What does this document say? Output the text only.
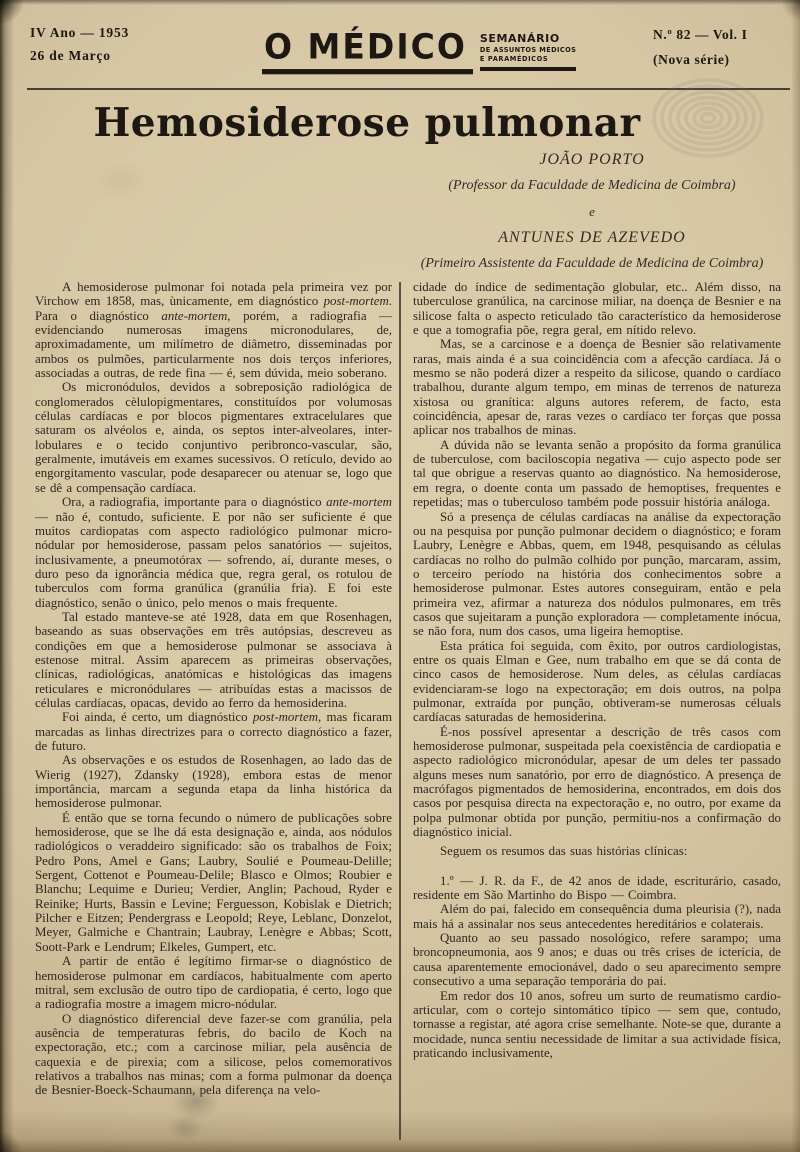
IV Ano — 1953
26 de Março	O MÉDICO	SEMANÁRIO
DE ASSUNTOS MÉDICOS
E PARAMÉDICOS
N.º 82 — Vol. I
(Nova série)
Hemosiderose pulmonar
JOÃO PORTO
(Professor da Faculdade de Medicina de Coimbra)
e
ANTUNES DE AZEVEDO
(Primeiro Assistente da Faculdade de Medicina de Coimbra)

A hemosiderose pulmonar foi notada pela primeira vez por Virchow em 1858, mas, ùnicamente, em diagnóstico post-mortem. Para o diagnóstico ante-mortem, porém, a radiografia — evidenciando numerosas imagens micronodulares, de, aproximadamente, um milímetro de diâmetro, disseminadas por ambos os pulmões, particularmente nos dois terços inferiores, associadas a outras, de rede fina — é, sem dúvida, meio soberano.

Os micronódulos, devidos a sobreposição radiológica de conglomerados cèlulopigmentares, constituídos por volumosas células cardíacas e por blocos pigmentares extracelulares que saturam os alvéolos e, ainda, os septos inter-alveolares, inter-lobulares e o tecido conjuntivo peribronco-vascular, são, geralmente, imutáveis em exames sucessivos. O retículo, devido ao engorgitamento vascular, pode desaparecer ou atenuar se, logo que se dê a compensação cardíaca.

Ora, a radiografia, importante para o diagnóstico ante-mortem — não é, contudo, suficiente. E por não ser suficiente é que muitos cardiopatas com aspecto radiológico pulmonar micro-nódular por hemosiderose, passam pelos sanatórios — sujeitos, inclusivamente, a pneumotórax — sofrendo, aí, durante meses, o duro peso da ignorância médica que, regra geral, os rotulou de tuberculos com forma granúlica (granúlia fria). E foi este diagnóstico, senão o único, pelo menos o mais frequente.

Tal estado manteve-se até 1928, data em que Rosenhagen, baseando as suas observações em três autópsias, descreveu as condições em que a hemosiderose pulmonar se associava à estenose mitral. Assim aparecem as primeiras observações, clínicas, radiológicas, anatómicas e histológicas das imagens reticulares e micronódulares — atribuídas estas a macissos de células cardíacas, opacas, devido ao ferro da hemosiderina.

Foi ainda, é certo, um diagnóstico post-mortem, mas ficaram marcadas as linhas directrizes para o correcto diagnóstico a fazer, de futuro.

As observações e os estudos de Rosenhagen, ao lado das de Wierig (1927), Zdansky (1928), embora estas de menor importância, marcam a segunda etapa da linha histórica da hemosiderose pulmonar.

É então que se torna fecundo o número de publicações sobre hemosiderose, que se lhe dá esta designação e, ainda, aos nódulos radiológicos o veraddeiro significado: são os trabalhos de Foix; Pedro Pons, Amel e Gans; Laubry, Soulié e Poumeau-Delille; Sergent, Cottenot e Poumeau-Delile; Blasco e Olmos; Roubier e Blanchu; Lequime e Durieu; Verdier, Anglin; Pachoud, Ryder e Reinike; Hurts, Bassin e Levine; Ferguesson, Kobislak e Dietrich; Pilcher e Eitzen; Pendergrass e Leopold; Reye, Leblanc, Donzelot, Meyer, Galmiche e Chantrain; Laubray, Lenègre e Abbas; Scott, Soott-Park e Lendrum; Elkeles, Gumpert, etc.

A partir de então é legítimo firmar-se o diagnóstico de hemosiderose pulmonar em cardíacos, habitualmente com aperto mitral, sem exclusão de outro tipo de cardiopatia, é certo, logo que a radiografia mostre a imagem micro-nódular.

O diagnóstico diferencial deve fazer-se com granúlia, pela ausência de temperaturas febris, do bacilo de Koch na expectoração, etc.; com a carcinose miliar, pela ausência de caquexia e de pirexia; com a silicose, pelos comemorativos relativos a trabalhos nas minas; com a forma pulmonar da doença de Besnier-Boeck-Schaumann, pela diferença na velo-

cidade do índice de sedimentação globular, etc.. Além disso, na tuberculose granúlica, na carcinose miliar, na doença de Besnier e na silicose falta o aspecto reticulado tão característico da hemosiderose e que a tomografia põe, regra geral, em nítido relevo.

Mas, se a carcinose e a doença de Besnier são relativamente raras, mais ainda é a sua coincidência com a afecção cardíaca. Já o mesmo se não poderá dizer a respeito da silicose, quando o cardíaco trabalhou, durante algum tempo, em minas de terrenos de natureza xistosa ou granítica: alguns autores referem, de facto, esta coincidência, apesar de, raras vezes o cardíaco ter forças que possa aplicar nos trabalhos de minas.

A dúvida não se levanta senão a propósito da forma granúlica de tuberculose, com baciloscopia negativa — cujo aspecto pode ser tal que obrigue a reservas quanto ao diagnóstico. Na hemosiderose, em regra, o doente conta um passado de hemoptises, frequentes e repetidas; mas o tuberculoso também pode possuir história análoga.

Só a presença de células cardíacas na análise da expectoração ou na pesquisa por punção pulmonar decidem o diagnóstico; e foram Laubry, Lenègre e Abbas, quem, em 1948, pesquisando as células cardíacas no rolho do pulmão colhido por punção, marcaram, assim, o terceiro período na história dos conhecimentos sobre a hemosiderose pulmonar. Estes autores conseguiram, então e pela primeira vez, afirmar a natureza dos nódulos pulmonares, em três casos que sujeitaram a punção exploradora — completamente inócua, se não fora, num dos casos, uma ligeira hemoptise.

Esta prática foi seguida, com êxito, por outros cardiologistas, entre os quais Elman e Gee, num trabalho em que se dá conta de cinco casos de hemosiderose. Num deles, as células cardíacas evidenciaram-se logo na expectoração; em dois outros, na polpa pulmonar, extraída por punção, obtiveram-se numerosas céluals cardíacas saturadas de hemosiderina.

É-nos possível apresentar a descrição de três casos com hemosiderose pulmonar, suspeitada pela coexistência de cardiopatia e aspecto radiológico micronódular, apesar de um deles ter passado alguns meses num sanatório, por erro de diagnóstico. A presença de macrófagos pigmentados de hemosiderina, encontrados, em dois dos casos por pesquisa directa na expectoração e, no outro, por exame da polpa pulmonar obtida por punção, permitiu-nos a confirmação do diagnóstico inicial.

Seguem os resumos das suas histórias clínicas:

1.º — J. R. da F., de 42 anos de idade, escriturário, casado, residente em São Martinho do Bispo — Coimbra.

Além do pai, falecido em consequência duma pleurisia (?), nada mais há a assinalar nos seus antecedentes hereditários e colaterais.

Quanto ao seu passado nosológico, refere sarampo; uma broncopneumonia, aos 9 anos; e duas ou três crises de icterícia, de causa aparentemente emocionável, dado o seu aparecimento sempre consecutivo a uma separação temporária do pai.

Em redor dos 10 anos, sofreu um surto de reumatismo cardio-articular, com o cortejo sintomático típico — sem que, contudo, tornasse a registar, até agora crise semelhante. Note-se que, durante a mocidade, nunca sentiu necessidade de limitar a sua actividade física, praticando inclusivamente,
